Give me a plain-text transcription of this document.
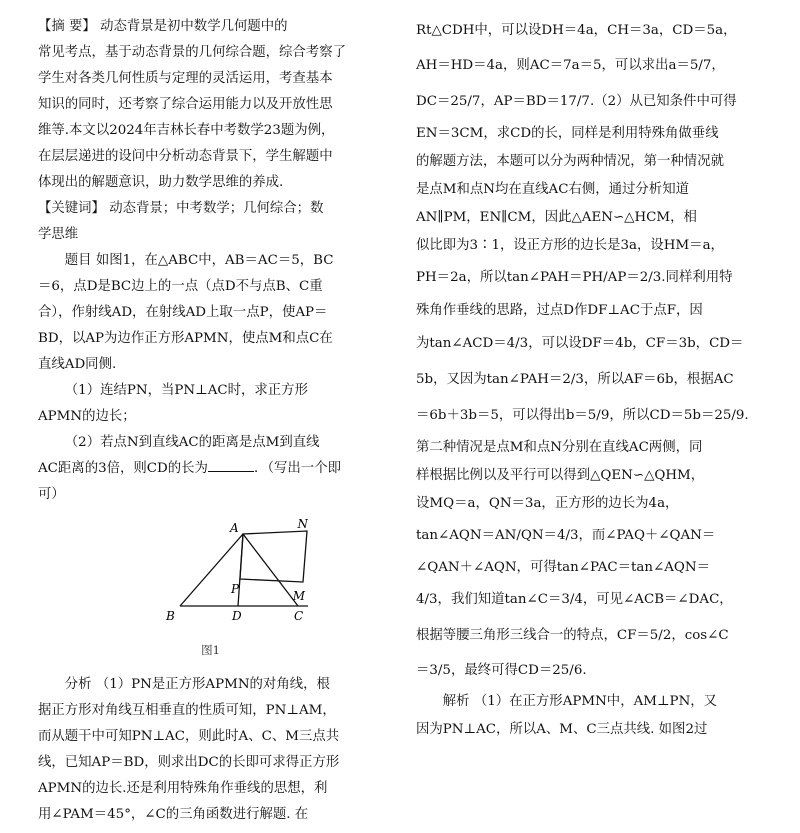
【摘 要】 动态背景是初中数学几何题中的
常见考点，基于动态背景的几何综合题，综合考察了
学生对各类几何性质与定理的灵活运用，考查基本
知识的同时，还考察了综合运用能力以及开放性思
维等.本文以2024年吉林长春中考数学23题为例，
在层层递进的设问中分析动态背景下，学生解题中
体现出的解题意识，助力数学思维的养成.
【关键词】 动态背景；中考数学；几何综合；数
学思维
题目 如图1，在△ABC中，AB＝AC＝5，BC
＝6，点D是BC边上的一点（点D不与点B、C重
合），作射线AD，在射线AD上取一点P，使AP＝
BD，以AP为边作正方形APMN，使点M和点C在
直线AD同侧.
（1）连结PN，当PN⊥AC时，求正方形
APMN的边长；
（2）若点N到直线AC的距离是点M到直线
AC距离的3倍，则CD的长为	．（写出一个即
可）
A	N
P	M
B	D	C
图1
分析 （1）PN是正方形APMN的对角线，根
据正方形对角线互相垂直的性质可知，PN⊥AM，
而从题干中可知PN⊥AC，则此时A、C、M三点共
线，已知AP＝BD，则求出DC的长即可求得正方形
APMN的边长.还是利用特殊角作垂线的思想，利
用∠PAM＝45°，∠C的三角函数进行解题. 在
Rt△CDH中，可以设DH＝4a，CH＝3a，CD＝5a，
AH＝HD＝4a，则AC＝7a＝5，可以求出a＝5/7，
DC＝25/7，AP＝BD＝17/7.（2）从已知条件中可得
EN＝3CM，求CD的长，同样是利用特殊角做垂线
的解题方法，本题可以分为两种情况，第一种情况就
是点M和点N均在直线AC右侧，通过分析知道
AN∥PM，EN∥CM，因此△AEN∽△HCM，相
似比即为3∶1，设正方形的边长是3a，设HM＝a，
PH＝2a，所以tan∠PAH＝PH/AP＝2/3.同样利用特
殊角作垂线的思路，过点D作DF⊥AC于点F，因
为tan∠ACD＝4/3，可以设DF＝4b，CF＝3b，CD＝
5b，又因为tan∠PAH＝2/3，所以AF＝6b，根据AC
＝6b＋3b＝5，可以得出b＝5/9，所以CD＝5b＝25/9.
第二种情况是点M和点N分别在直线AC两侧，同
样根据比例以及平行可以得到△QEN∽△QHM，
设MQ＝a，QN＝3a，正方形的边长为4a，
tan∠AQN＝AN/QN＝4/3，而∠PAQ＋∠QAN＝
∠QAN＋∠AQN，可得tan∠PAC＝tan∠AQN＝
4/3，我们知道tan∠C＝3/4，可见∠ACB＝∠DAC，
根据等腰三角形三线合一的特点，CF＝5/2，cos∠C
＝3/5，最终可得CD＝25/6.
解析 （1）在正方形APMN中，AM⊥PN，又
因为PN⊥AC，所以A、M、C三点共线. 如图2过
